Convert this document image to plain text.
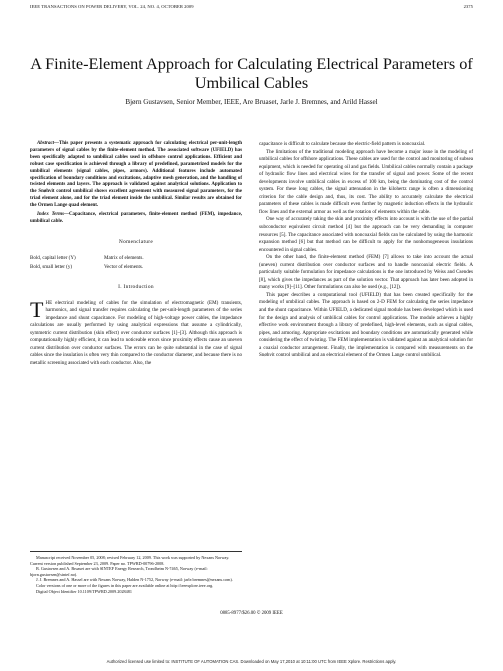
IEEE TRANSACTIONS ON POWER DELIVERY, VOL. 24, NO. 4, OCTOBER 2009	2375
A Finite-Element Approach for Calculating Electrical Parameters of Umbilical Cables
Bjørn Gustavsen, Senior Member, IEEE, Are Bruaset, Jarle J. Bremnes, and Arild Hassel

Abstract—This paper presents a systematic approach for calculating electrical per-unit-length parameters of signal cables by the finite-element method. The associated software (UFIELD) has been specifically adapted to umbilical cables used in offshore control applications. Efficient and robust case specification is achieved through a library of predefined, parametrized models for the umbilical elements (signal cables, pipes, armors). Additional features include automated specification of boundary conditions and excitations, adaptive mesh generation, and the handling of twisted elements and layers. The approach is validated against analytical solutions. Application to the Snøhvit control umbilical shows excellent agreement with measured signal parameters, for the triad element alone, and for the triad element inside the umbilical. Similar results are obtained for the Ormen Lange quad element.

Index Terms—Capacitance, electrical parameters, finite-element method (FEM), impedance, umbilical cable.

Nomenclature
Bold, capital letter (Y)	Matrix of elements.
Bold, small letter (y)	Vector of elements.
I. Introduction

THE electrical modeling of cables for the simulation of electromagnetic (EM) transients, harmonics, and signal transfer requires calculating the per-unit-length parameters of the series impedance and shunt capacitance. For modeling of high-voltage power cables, the impedance calculations are usually performed by using analytical expressions that assume a cylindrically, symmetric current distribution (skin effect) over conductor surfaces [1]–[3]. Although this approach is computationally highly efficient, it can lead to noticeable errors since proximity effects cause an uneven current distribution over conductor surfaces. The errors can be quite substantial in the case of signal cables since the insulation is often very thin compared to the conductor diameter, and because there is no metallic screening associated with each conductor. Also, the

Manuscript received November 05, 2008; revised February 12, 2009. This work was supported by Nexans Norway. Current version published September 23, 2009. Paper no. TPWRD-00796-2008.

B. Gustavsen and A. Bruaset are with SINTEF Energy Research, Trondheim N-7465, Norway (e-mail: bjorn.gustavsen@sintef.no).

J. J. Bremnes and A. Hassel are with Nexans Norway, Halden N-1752, Norway (e-mail: jarle.bremnes@nexans.com).

Color versions of one or more of the figures in this paper are available online at http://ieeexplore.ieee.org.

Digital Object Identifier 10.1109/TPWRD.2009.2028481

capacitance is difficult to calculate because the electric-field pattern is noncoaxial.

The limitations of the traditional modeling approach have become a major issue in the modeling of umbilical cables for offshore applications. These cables are used for the control and monitoring of subsea equipment, which is needed for operating oil and gas fields. Umbilical cables normally contain a package of hydraulic flow lines and electrical wires for the transfer of signal and power. Some of the recent developments involve umbilical cables in excess of 100 km, being the dominating cost of the control system. For these long cables, the signal attenuation in the kilohertz range is often a dimensioning criterion for the cable design and, thus, its cost. The ability to accurately calculate the electrical parameters of these cables is made difficult even further by magnetic induction effects in the hydraulic flow lines and the external armor as well as the rotation of elements within the cable.

One way of accurately taking the skin and proximity effects into account is with the use of the partial subconductor equivalent circuit method [4] but the approach can be very demanding in computer resources [5]. The capacitance associated with noncoaxial fields can be calculated by using the harmonic expansion method [6] but that method can be difficult to apply for the nonhomogeneous insulations encountered in signal cables.

On the other hand, the finite-element method (FEM) [7] allows to take into account the actual (uneven) current distribution over conductor surfaces and to handle noncoaxial electric fields. A particularly suitable formulation for impedance calculations is the one introduced by Weiss and Csendes [8], which gives the impedances as part of the solution vector. That approach has later been adopted in many works [9]–[11]. Other formulations can also be used (e.g., [12]).

This paper describes a computational tool (UFIELD) that has been created specifically for the modeling of umbilical cables. The approach is based on 2-D FEM for calculating the series impedance and the shunt capacitance. Within UFIELD, a dedicated signal module has been developed which is used for the design and analysis of umbilical cables for control applications. The module achieves a highly effective work environment through a library of predefined, high-level elements, such as signal cables, pipes, and armoring. Appropriate excitations and boundary conditions are automatically generated while considering the effect of twisting. The FEM implementation is validated against an analytical solution for a coaxial conductor arrangement. Finally, the implementation is compared with measurements on the Snøhvit control umbilical and an electrical element of the Ormen Lange control umbilical.

0885-8977/$26.00 © 2009 IEEE
Authorized licensed use limited to: INSTITUTE OF AUTOMATION CAS. Downloaded on May 17,2010 at 10:11:00 UTC from IEEE Xplore. Restrictions apply.
